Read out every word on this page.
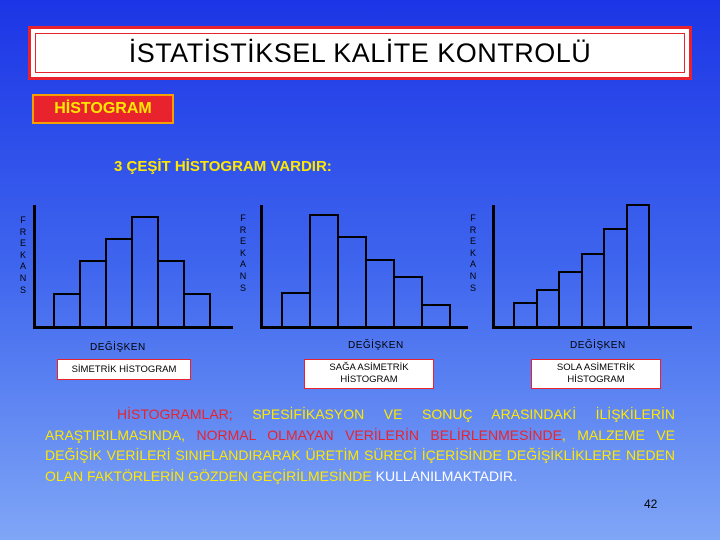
İSTATİSTİKSEL KALİTE KONTROLÜ
HİSTOGRAM
3 ÇEŞİT HİSTOGRAM VARDIR:
F
R
E
K
A
N
S
DEĞİŞKEN
SİMETRİK HİSTOGRAM
F
R
E
K
A
N
S
DEĞİŞKEN
SAĞA ASİMETRİK HİSTOGRAM
F
R
E
K
A
N
S
DEĞİŞKEN
SOLA ASİMETRİK HİSTOGRAM

HİSTOGRAMLAR; SPESİFİKASYON VE SONUÇ ARASINDAKİ İLİŞKİLERİN ARAŞTIRILMASINDA, NORMAL OLMAYAN VERİLERİN BELİRLENMESİNDE, MALZEME VE DEĞİŞİK VERİLERİ SINIFLANDIRARAK ÜRETİM SÜRECİ İÇERİSİNDE DEĞİŞİKLİKLERE NEDEN OLAN FAKTÖRLERİN GÖZDEN GEÇİRİLMESİNDE KULLANILMAKTADIR.

42
